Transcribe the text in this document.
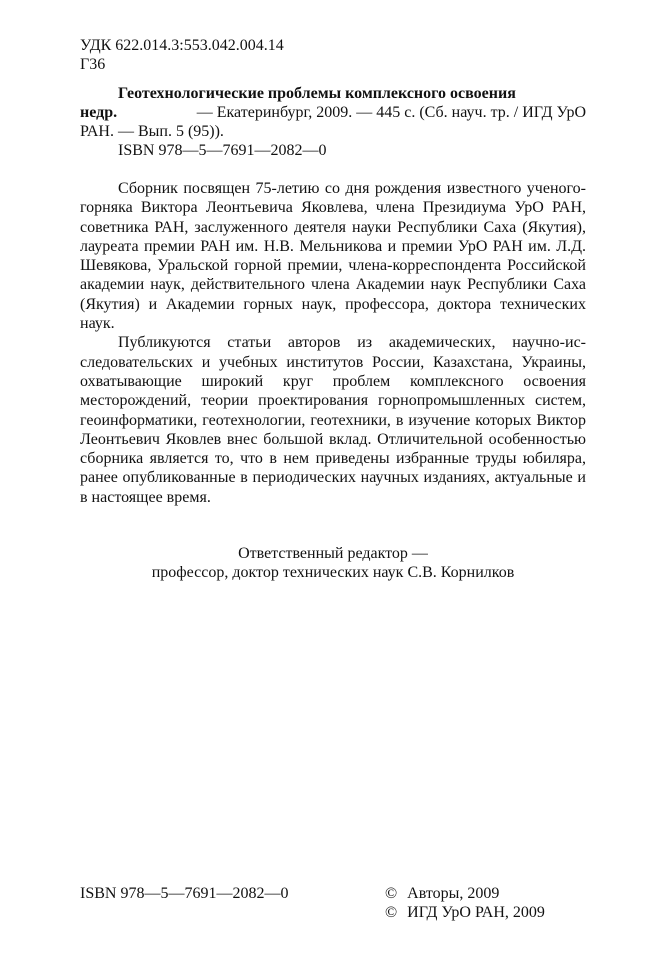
УДК 622.014.3:553.042.004.14
Г36
Геотехнологические проблемы комплексного освоения
недр.	— Екатеринбург, 2009. — 445 с. (Сб. науч. тр. / ИГД УрО
РАН. — Вып. 5 (95)).
ISBN 978—5—7691—2082—0

Сборник посвящен 75-летию со дня рождения известного ученого-горняка Виктора Леонтьевича Яковлева, члена Президиума УрО РАН, советника РАН, заслуженного деятеля науки Республики Саха (Якутия), лауреата премии РАН им. Н.В. Мельникова и премии УрО РАН им. Л.Д. Шевякова, Уральской горной премии, члена-корреспондента Российской академии наук, действительного члена Академии наук Республики Саха (Якутия) и Академии горных наук, профессора, доктора технических наук.

Публикуются статьи авторов из академических, научно-исследовательских и учебных институтов России, Казахстана, Украины, охватывающие широкий круг проблем комплексного освоения месторождений, теории проектирования горнопромышленных систем, геоинформатики, геотехнологии, геотехники, в изучение которых Виктор Леонтьевич Яковлев внес большой вклад. Отличительной особенностью сборника является то, что в нем приведены избранные труды юбиляра, ранее опубликованные в периодических научных изданиях, актуальные и в настоящее время.

Ответственный редактор —
профессор, доктор технических наук С.В. Корнилков
ISBN 978—5—7691—2082—0	© Авторы, 2009
© ИГД УрО РАН, 2009
